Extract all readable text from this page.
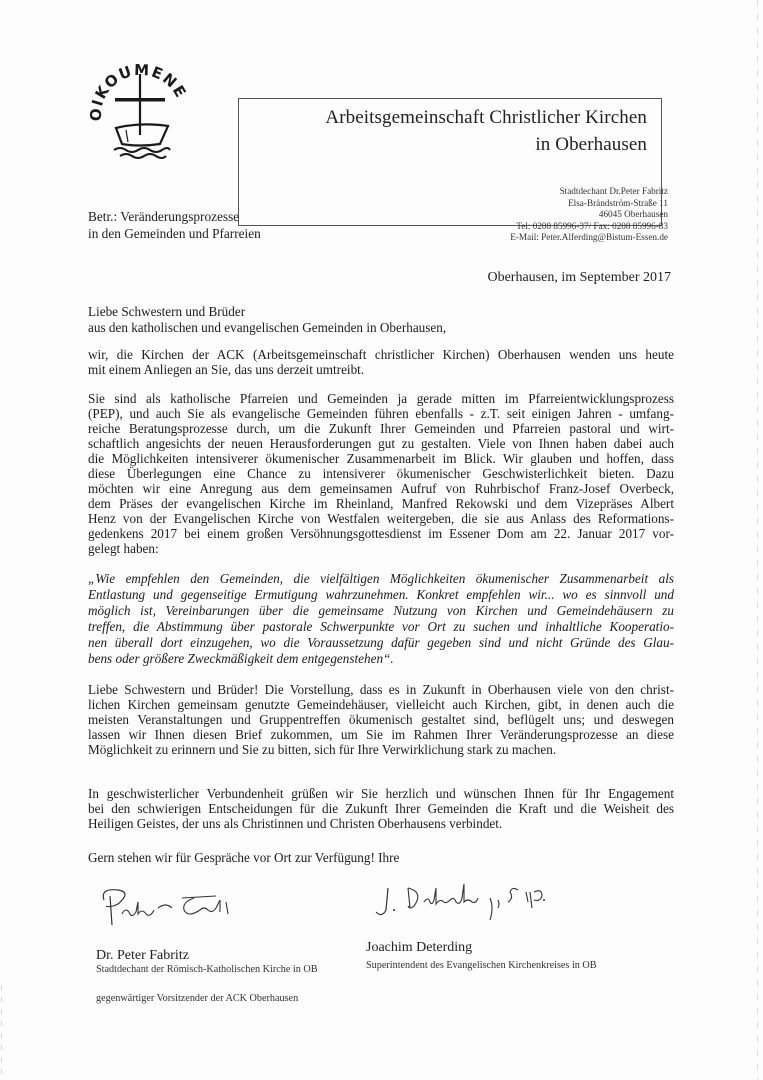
OIKOUMENE
Arbeitsgemeinschaft Christlicher Kirchen
in Oberhausen
Stadtdechant Dr.Peter Fabritz
Elsa-Brändström-Straße 11
46045 Oberhausen
Tel: 0208 85996-37/ Fax: 0208 85996-83
E-Mail: Peter.Alferding@Bistum-Essen.de
Betr.: Veränderungsprozesse
in den Gemeinden und Pfarreien
Oberhausen, im September 2017
Liebe Schwestern und Brüder
aus den katholischen und evangelischen Gemeinden in Oberhausen,
wir, die Kirchen der ACK (Arbeitsgemeinschaft christlicher Kirchen) Oberhausen wenden uns heute
mit einem Anliegen an Sie, das uns derzeit umtreibt.
Sie sind als katholische Pfarreien und Gemeinden ja gerade mitten im Pfarreientwicklungsprozess
(PEP), und auch Sie als evangelische Gemeinden führen ebenfalls - z.T. seit einigen Jahren - umfang-
reiche Beratungsprozesse durch, um die Zukunft Ihrer Gemeinden und Pfarreien pastoral und wirt-
schaftlich angesichts der neuen Herausforderungen gut zu gestalten. Viele von Ihnen haben dabei auch
die Möglichkeiten intensiverer ökumenischer Zusammenarbeit im Blick. Wir glauben und hoffen, dass
diese Überlegungen eine Chance zu intensiverer ökumenischer Geschwisterlichkeit bieten. Dazu
möchten wir eine Anregung aus dem gemeinsamen Aufruf von Ruhrbischof Franz-Josef Overbeck,
dem Präses der evangelischen Kirche im Rheinland, Manfred Rekowski und dem Vizepräses Albert
Henz von der Evangelischen Kirche von Westfalen weitergeben, die sie aus Anlass des Reformations-
gedenkens 2017 bei einem großen Versöhnungsgottesdienst im Essener Dom am 22. Januar 2017 vor-
gelegt haben:
„Wie empfehlen den Gemeinden, die vielfältigen Möglichkeiten ökumenischer Zusammenarbeit als
Entlastung und gegenseitige Ermutigung wahrzunehmen. Konkret empfehlen wir... wo es sinnvoll und
möglich ist, Vereinbarungen über die gemeinsame Nutzung von Kirchen und Gemeindehäusern zu
treffen, die Abstimmung über pastorale Schwerpunkte vor Ort zu suchen und inhaltliche Kooperatio-
nen überall dort einzugehen, wo die Voraussetzung dafür gegeben sind und nicht Gründe des Glau-
bens oder größere Zweckmäßigkeit dem entgegenstehen“.
Liebe Schwestern und Brüder! Die Vorstellung, dass es in Zukunft in Oberhausen viele von den christ-
lichen Kirchen gemeinsam genutzte Gemeindehäuser, vielleicht auch Kirchen, gibt, in denen auch die
meisten Veranstaltungen und Gruppentreffen ökumenisch gestaltet sind, beflügelt uns; und deswegen
lassen wir Ihnen diesen Brief zukommen, um Sie im Rahmen Ihrer Veränderungsprozesse an diese
Möglichkeit zu erinnern und Sie zu bitten, sich für Ihre Verwirklichung stark zu machen.
In geschwisterlicher Verbundenheit grüßen wir Sie herzlich und wünschen Ihnen für Ihr Engagement
bei den schwierigen Entscheidungen für die Zukunft Ihrer Gemeinden die Kraft und die Weisheit des
Heiligen Geistes, der uns als Christinnen und Christen Oberhausens verbindet.
Gern stehen wir für Gespräche vor Ort zur Verfügung! Ihre
Dr. Peter Fabritz
Stadtdechant der Römisch-Katholischen Kirche in OB
Joachim Deterding
Superintendent des Evangelischen Kirchenkreises in OB
gegenwärtiger Vorsitzender der ACK Oberhausen
